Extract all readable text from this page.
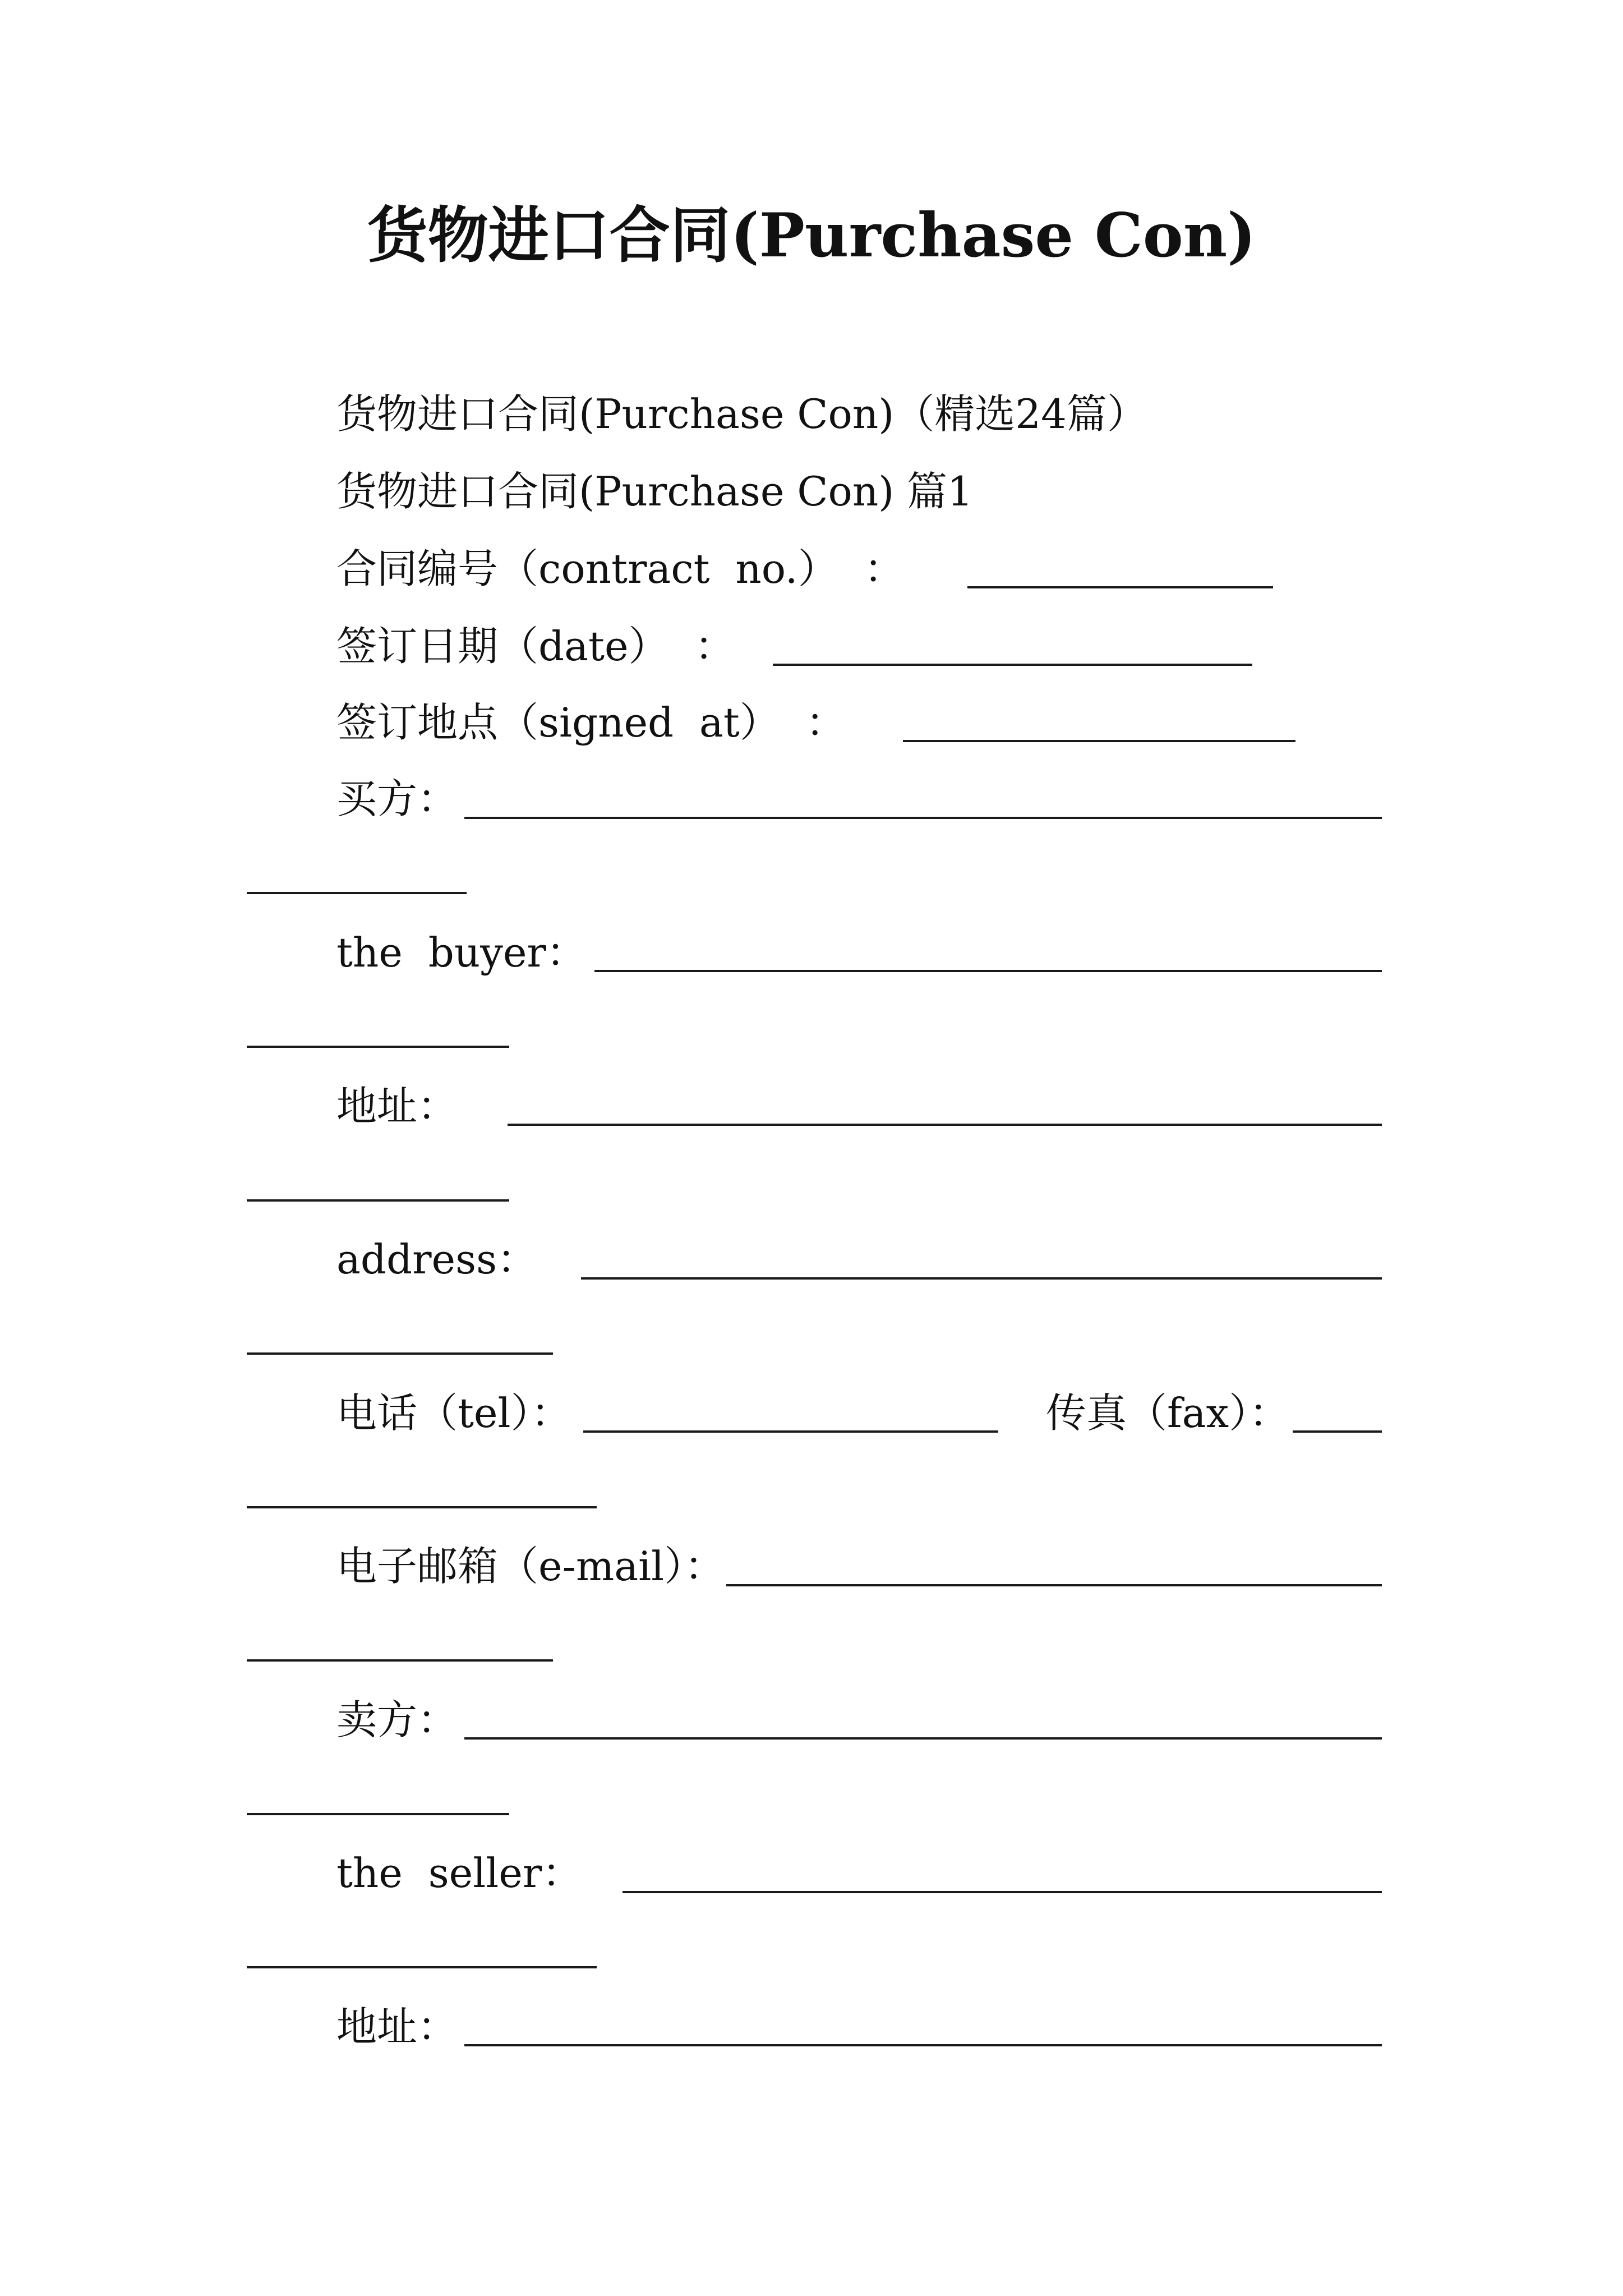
货物进口合同(Purchase Con)

货物进口合同(Purchase Con)（精选24篇）

货物进口合同(Purchase Con) 篇1

合同编号（contract  no.）  ：

签订日期（date）  ：

签订地点（signed  at）  ：

买方：

the  buyer：

地址：

address：

电话（tel）：	传真（fax）：

电子邮箱（e-mail）：

卖方：

the  seller：

地址：
